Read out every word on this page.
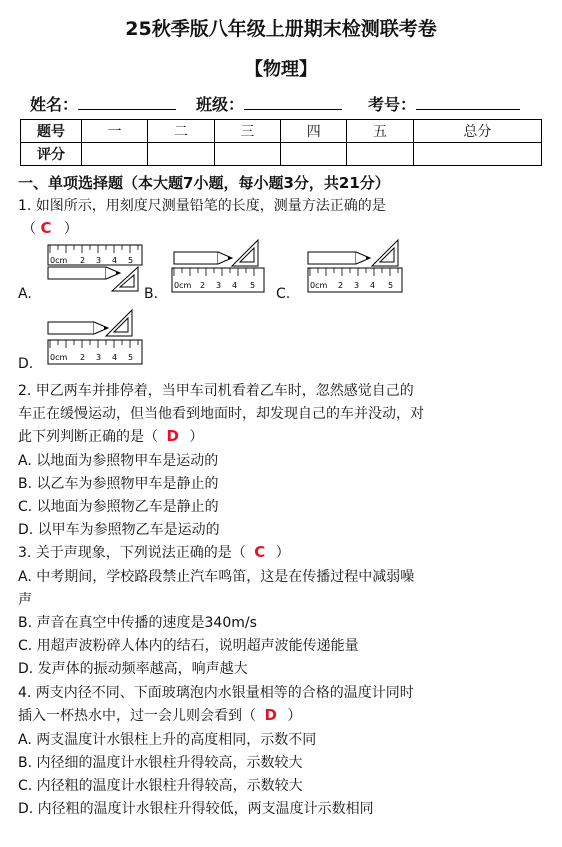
25秋季版八年级上册期末检测联考卷
【物理】
姓名：	班级：	考号：
题号	一	二	三	四	五	总分
评分						
一、单项选择题（本大题7小题，每小题3分，共21分）
1. 如图所示，用刻度尺测量铅笔的长度，测量方法正确的是
（ C ）
0cm 2 3 4 5
A.
0cm 2 3 4 5
B.
0cm 2 3 4 5
C.
0cm 2 3 4 5
D.
2. 甲乙两车并排停着，当甲车司机看着乙车时，忽然感觉自己的
车正在缓慢运动，但当他看到地面时，却发现自己的车并没动，对
此下列判断正确的是（ D ）
A. 以地面为参照物甲车是运动的
B. 以乙车为参照物甲车是静止的
C. 以地面为参照物乙车是静止的
D. 以甲车为参照物乙车是运动的
3. 关于声现象，下列说法正确的是（ C ）
A. 中考期间，学校路段禁止汽车鸣笛，这是在传播过程中减弱噪
声
B. 声音在真空中传播的速度是340m/s
C. 用超声波粉碎人体内的结石，说明超声波能传递能量
D. 发声体的振动频率越高，响声越大
4. 两支内径不同、下面玻璃泡内水银量相等的合格的温度计同时
插入一杯热水中，过一会儿则会看到（ D ）
A. 两支温度计水银柱上升的高度相同，示数不同
B. 内径细的温度计水银柱升得较高，示数较大
C. 内径粗的温度计水银柱升得较高，示数较大
D. 内径粗的温度计水银柱升得较低，两支温度计示数相同
